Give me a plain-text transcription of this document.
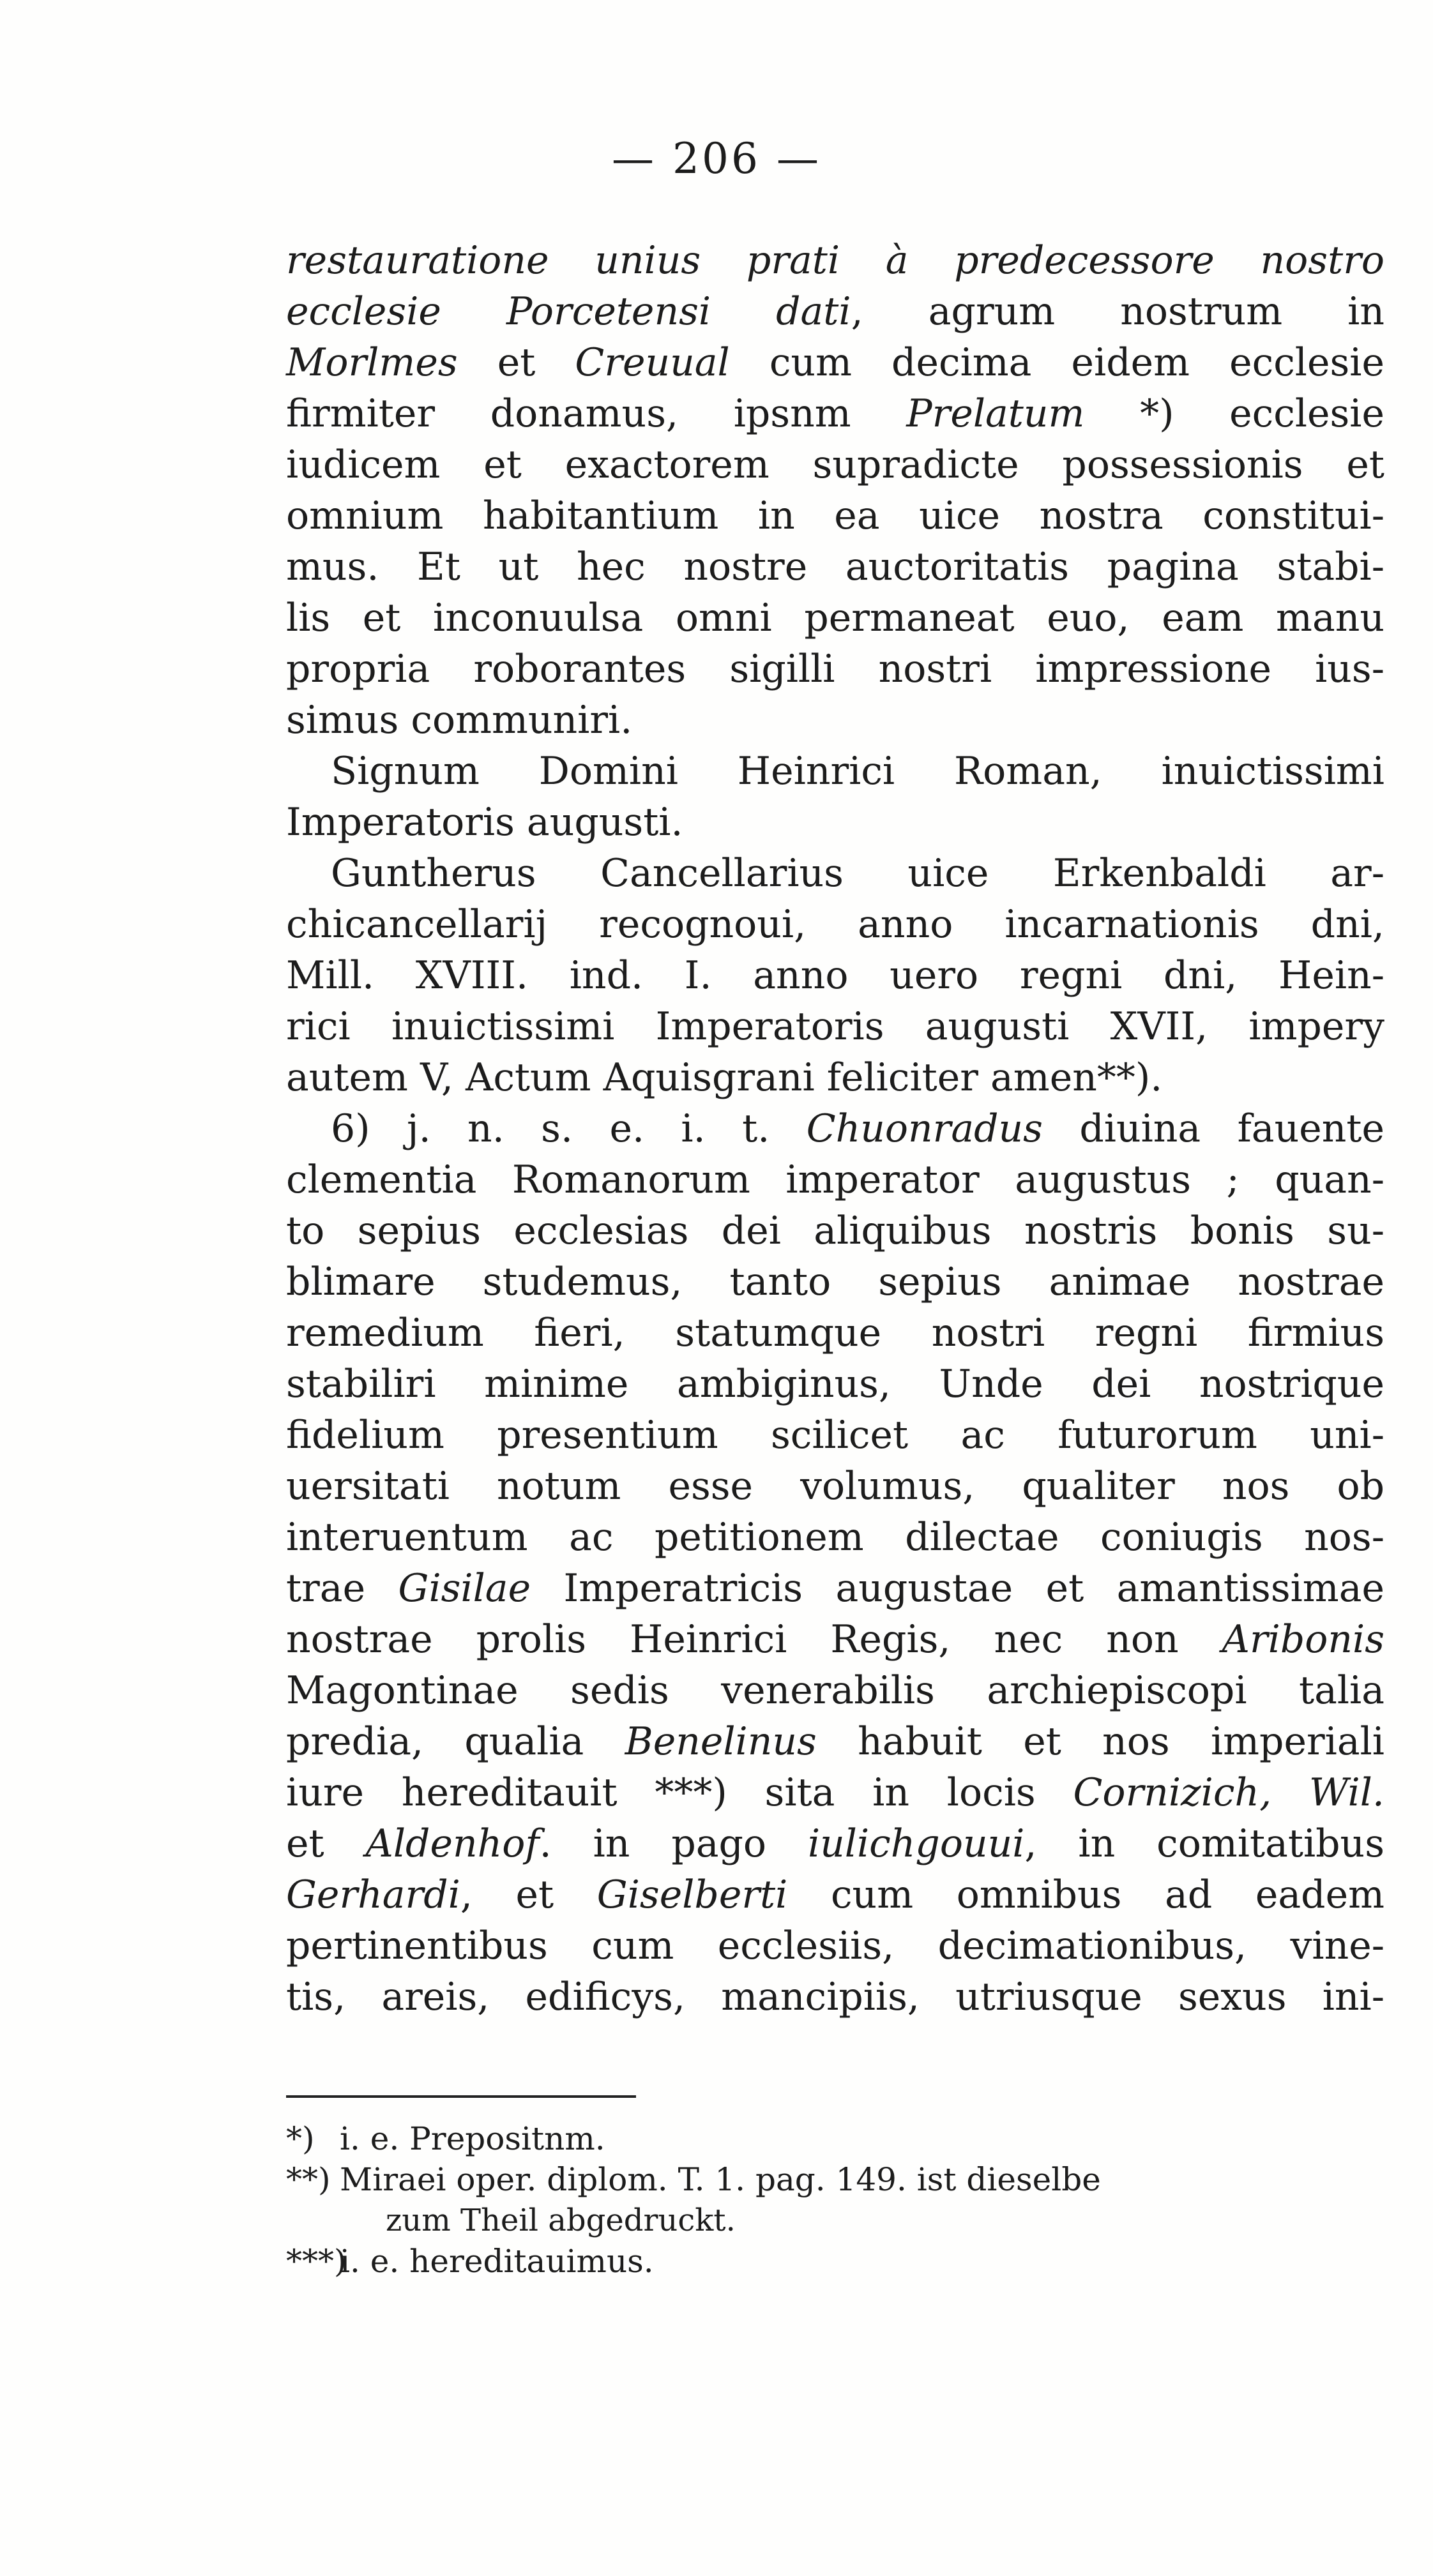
— 206 —
restauratione unius prati à predecessore nostro
ecclesie Porcetensi dati, agrum nostrum in
Morlmes et Creuual cum decima eidem ecclesie
firmiter donamus, ipsnm Prelatum *) ecclesie
iudicem et exactorem supradicte possessionis et
omnium habitantium in ea uice nostra constitui-
mus. Et ut hec nostre auctoritatis pagina stabi-
lis et inconuulsa omni permaneat euo, eam manu
propria roborantes sigilli nostri impressione ius-
simus communiri.
Signum Domini Heinrici Roman, inuictissimi
Imperatoris augusti.
Guntherus Cancellarius uice Erkenbaldi ar-
chicancellarij recognoui, anno incarnationis dni,
Mill. XVIII. ind. I. anno uero regni dni, Hein-
rici inuictissimi Imperatoris augusti XVII, impery
autem V, Actum Aquisgrani feliciter amen**).
6) j. n. s. e. i. t. Chuonradus diuina fauente
clementia Romanorum imperator augustus ; quan-
to sepius ecclesias dei aliquibus nostris bonis su-
blimare studemus, tanto sepius animae nostrae
remedium fieri, statumque nostri regni firmius
stabiliri minime ambiginus, Unde dei nostrique
fidelium presentium scilicet ac futurorum uni-
uersitati notum esse volumus, qualiter nos ob
interuentum ac petitionem dilectae coniugis nos-
trae Gisilae Imperatricis augustae et amantissimae
nostrae prolis Heinrici Regis, nec non Aribonis
Magontinae sedis venerabilis archiepiscopi talia
predia, qualia Benelinus habuit et nos imperiali
iure hereditauit ***) sita in locis Cornizich, Wil.
et Aldenhof. in pago iulichgouui, in comitatibus
Gerhardi, et Giselberti cum omnibus ad eadem
pertinentibus cum ecclesiis, decimationibus, vine-
tis, areis, edificys, mancipiis, utriusque sexus ini-
*) i. e. Prepositnm.
**) Miraei oper. diplom. T. 1. pag. 149. ist dieselbe
zum Theil abgedruckt.
***)i. e. hereditauimus.
